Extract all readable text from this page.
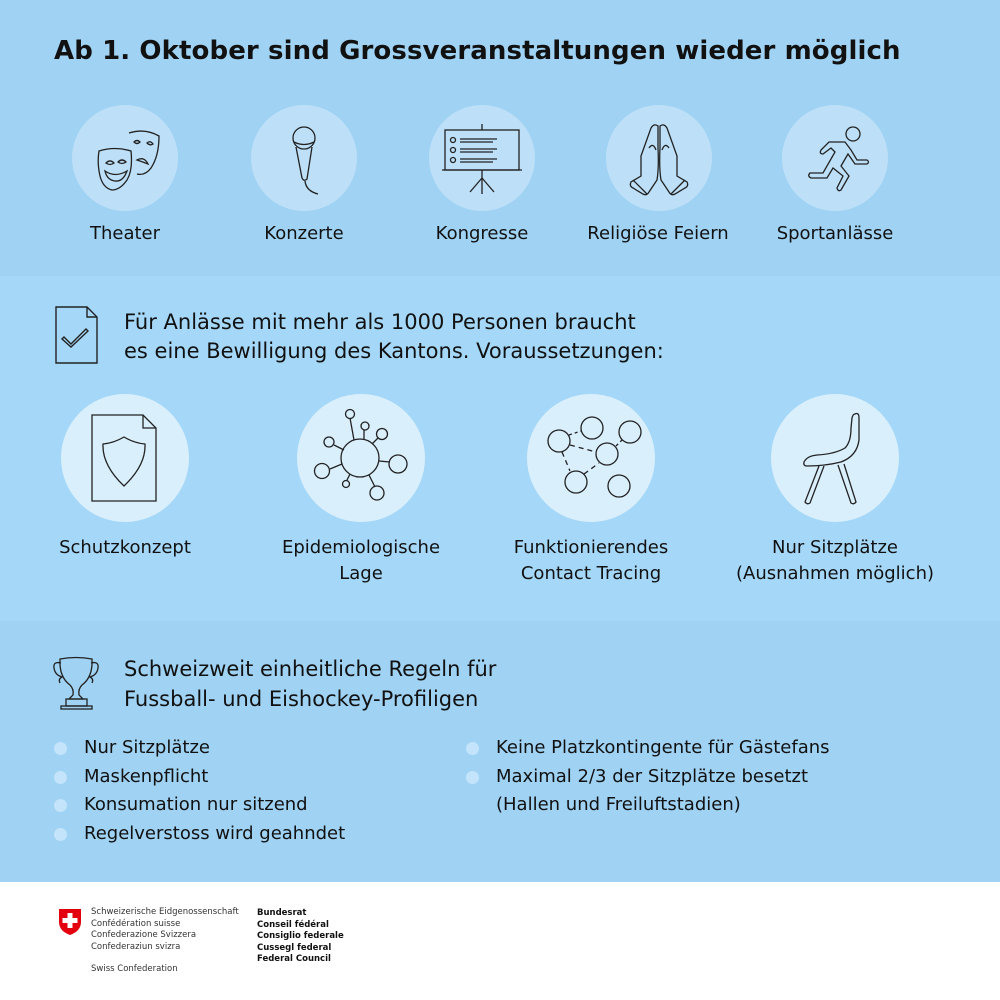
Ab 1. Oktober sind Grossveranstaltungen wieder möglich
Theater	Konzerte	Kongresse	Religiöse Feiern	Sportanlässe
Für Anlässe mit mehr als 1000 Personen braucht
es eine Bewilligung des Kantons. Voraussetzungen:
Schutzkonzept	Epidemiologische
Lage
Funktionierendes
Contact Tracing
Nur Sitzplätze
(Ausnahmen möglich)
Schweizweit einheitliche Regeln für
Fussball- und Eishockey-Profiligen
Nur Sitzplätze
Maskenpflicht
Konsumation nur sitzend
Regelverstoss wird geahndet
Keine Platzkontingente für Gästefans
Maximal 2/3 der Sitzplätze besetzt
(Hallen und Freiluftstadien)
Schweizerische Eidgenossenschaft
Confédération suisse
Confederazione Svizzera
Confederaziun svizra
Swiss Confederation
Bundesrat
Conseil fédéral
Consiglio federale
Cussegl federal
Federal Council
